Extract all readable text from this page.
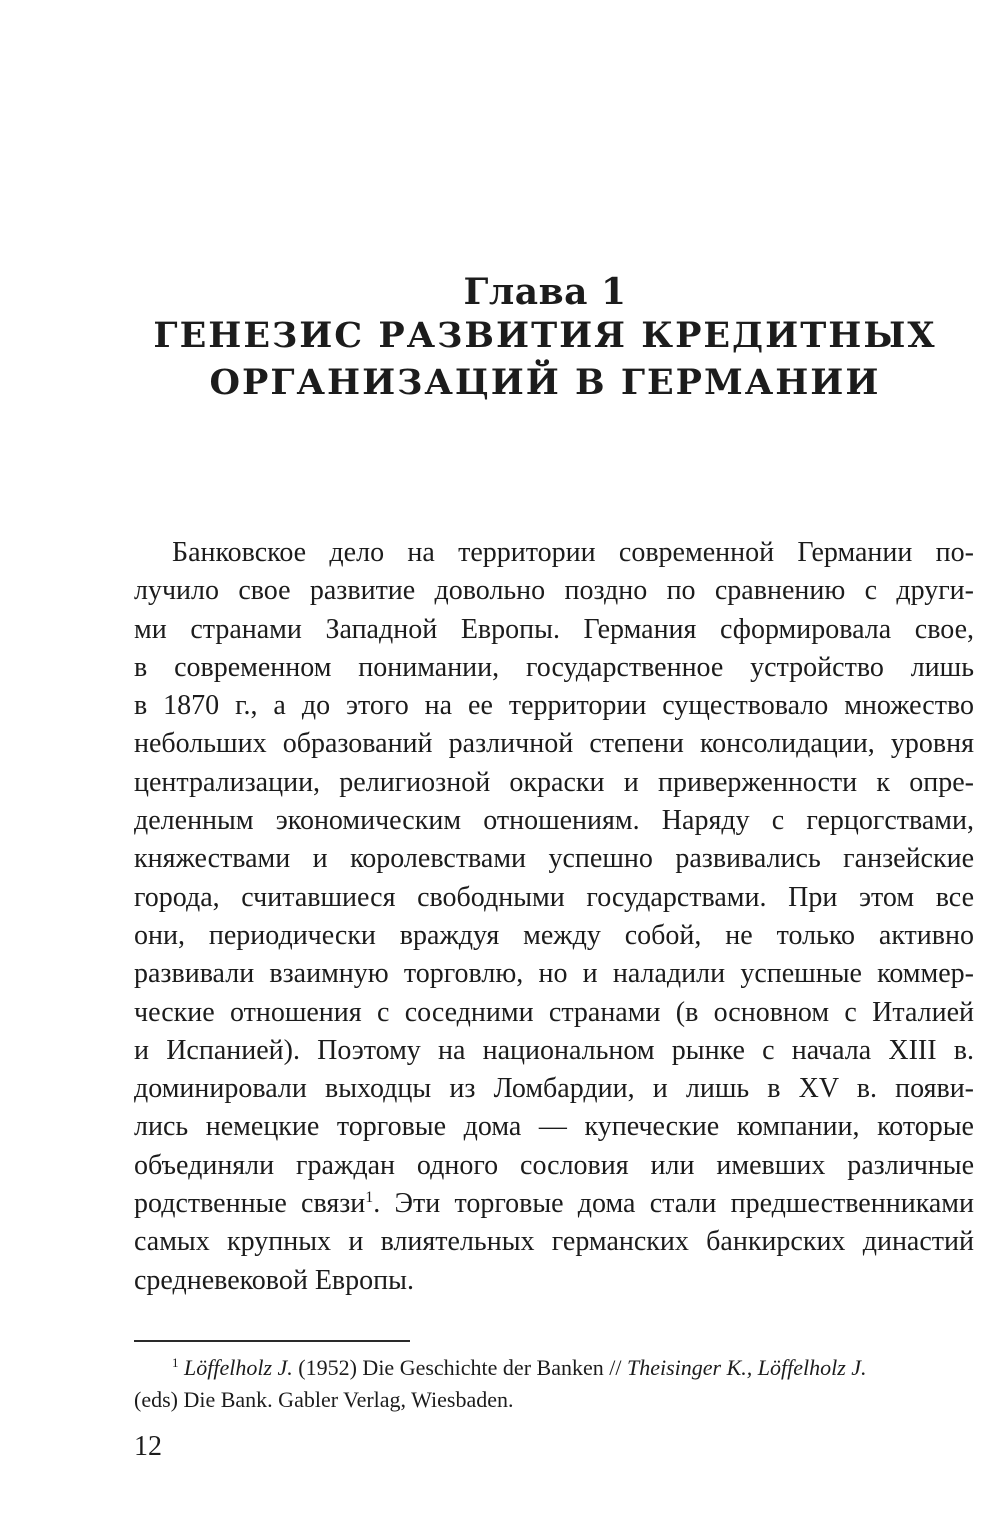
Глава 1
ГЕНЕЗИС РАЗВИТИЯ КРЕДИТНЫХ
ОРГАНИЗАЦИЙ В ГЕРМАНИИ
Банковское дело на территории современной Германии по-
лучило свое развитие довольно поздно по сравнению с други-
ми странами Западной Европы. Германия сформировала свое,
в современном понимании, государственное устройство лишь
в 1870 г., а до этого на ее территории существовало множество
небольших образований различной степени консолидации, уровня
централизации, религиозной окраски и приверженности к опре-
деленным экономическим отношениям. Наряду с герцогствами,
княжествами и королевствами успешно развивались ганзейские
города, считавшиеся свободными государствами. При этом все
они, периодически враждуя между собой, не только активно
развивали взаимную торговлю, но и наладили успешные коммер-
ческие отношения с соседними странами (в основном с Италией
и Испанией). Поэтому на национальном рынке с начала XIII в.
доминировали выходцы из Ломбардии, и лишь в XV в. появи-
лись немецкие торговые дома — купеческие компании, которые
объединяли граждан одного сословия или имевших различные
родственные связи$^1$. Эти торговые дома стали предшественниками
самых крупных и влиятельных германских банкирских династий
средневековой Европы.
$^1$ Löffelholz J. (1952) Die Geschichte der Banken // Theisinger K., Löffelholz J.
(eds) Die Bank. Gabler Verlag, Wiesbaden.
12
